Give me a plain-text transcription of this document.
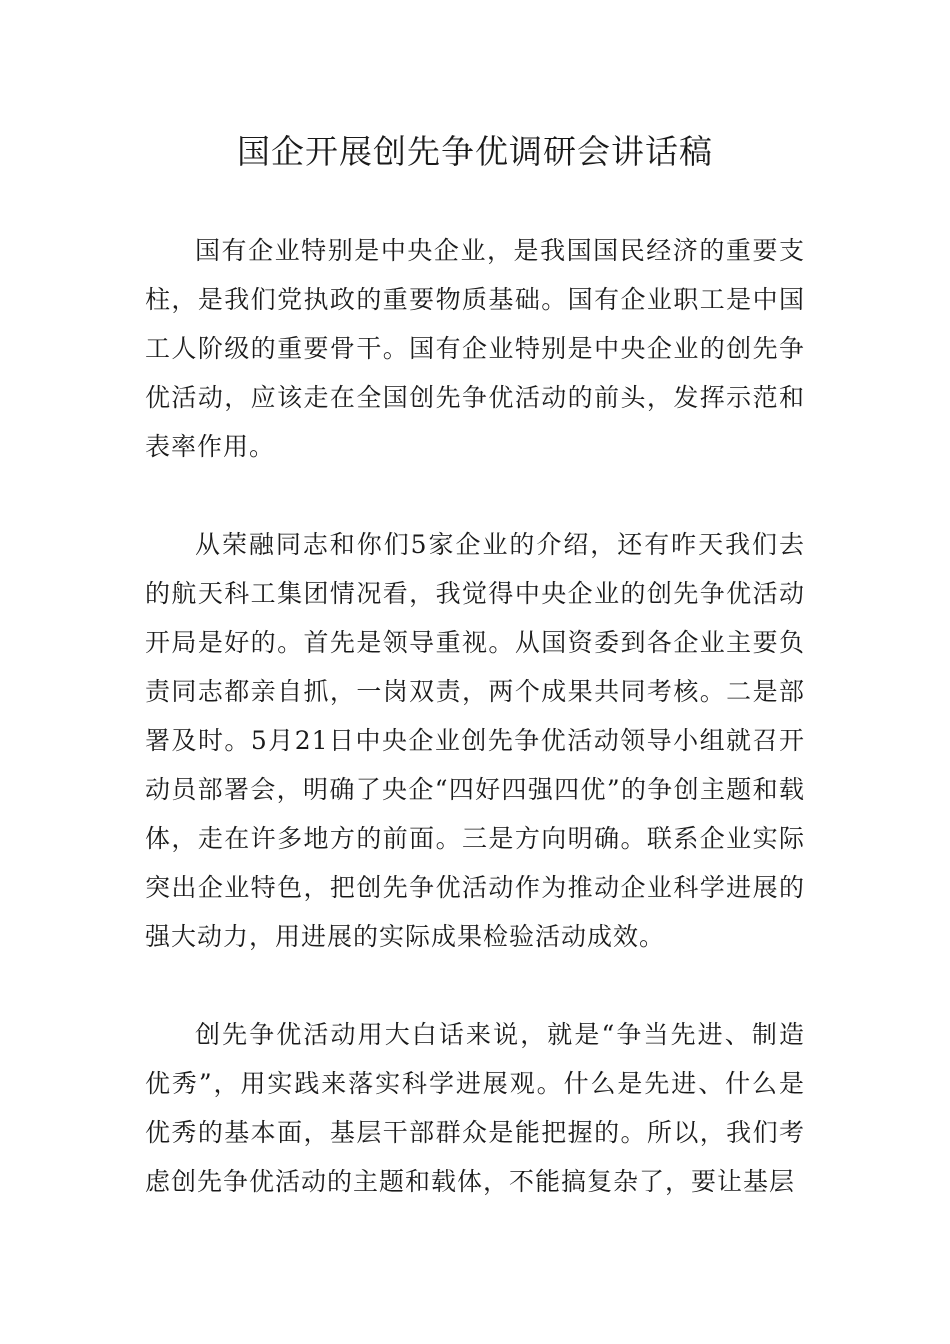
国企开展创先争优调研会讲话稿

国有企业特别是中央企业，是我国国民经济的重要支柱，是我们党执政的重要物质基础。国有企业职工是中国工人阶级的重要骨干。国有企业特别是中央企业的创先争优活动，应该走在全国创先争优活动的前头，发挥示范和表率作用。

从荣融同志和你们5家企业的介绍，还有昨天我们去的航天科工集团情况看，我觉得中央企业的创先争优活动开局是好的。首先是领导重视。从国资委到各企业主要负责同志都亲自抓，一岗双责，两个成果共同考核。二是部署及时。5月21日中央企业创先争优活动领导小组就召开动员部署会，明确了央企“四好四强四优”的争创主题和载体，走在许多地方的前面。三是方向明确。联系企业实际突出企业特色，把创先争优活动作为推动企业科学进展的强大动力，用进展的实际成果检验活动成效。

创先争优活动用大白话来说，就是“争当先进、制造优秀”，用实践来落实科学进展观。什么是先进、什么是优秀的基本面，基层干部群众是能把握的。所以，我们考虑创先争优活动的主题和载体，不能搞复杂了，要让基层
